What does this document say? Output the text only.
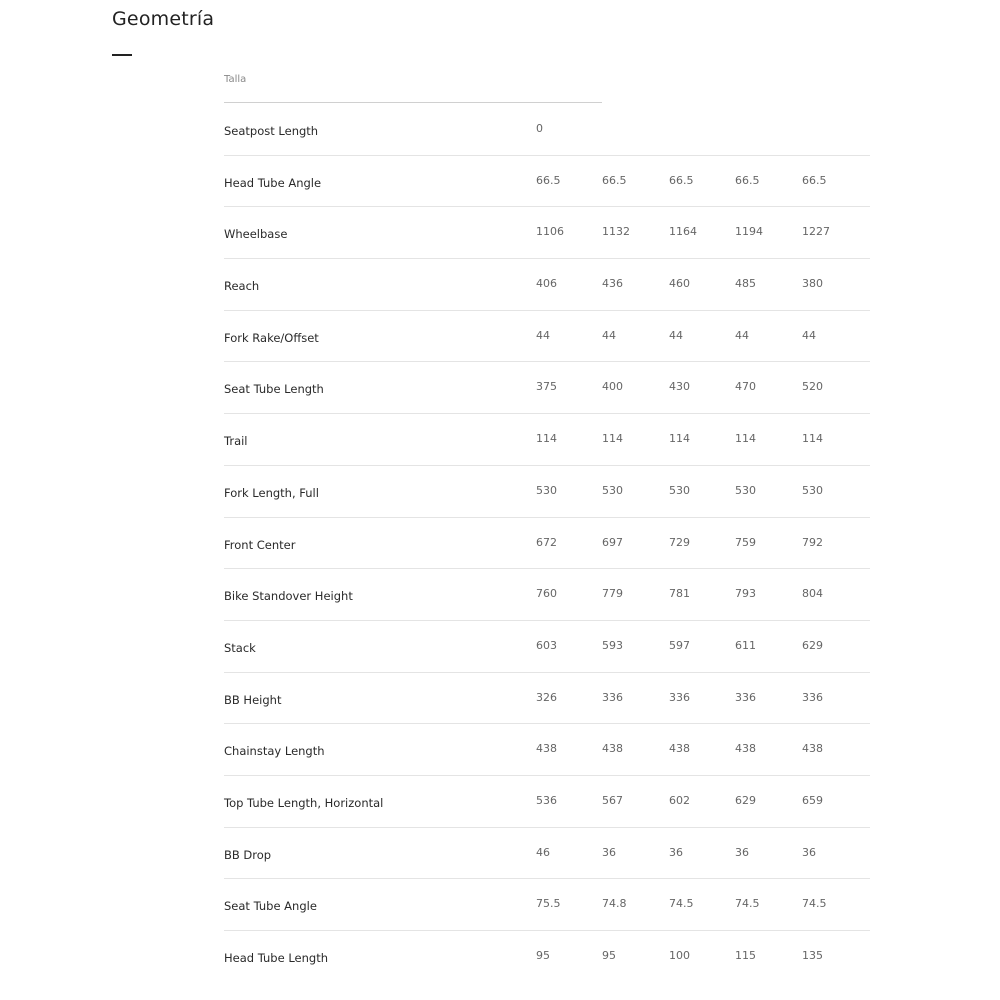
Geometría
Talla
Seatpost Length	0
Head Tube Angle	66.5	66.5	66.5	66.5	66.5
Wheelbase	1106	1132	1164	1194	1227
Reach	406	436	460	485	380
Fork Rake/Offset	44	44	44	44	44
Seat Tube Length	375	400	430	470	520
Trail	114	114	114	114	114
Fork Length, Full	530	530	530	530	530
Front Center	672	697	729	759	792
Bike Standover Height	760	779	781	793	804
Stack	603	593	597	611	629
BB Height	326	336	336	336	336
Chainstay Length	438	438	438	438	438
Top Tube Length, Horizontal	536	567	602	629	659
BB Drop	46	36	36	36	36
Seat Tube Angle	75.5	74.8	74.5	74.5	74.5
Head Tube Length	95	95	100	115	135
